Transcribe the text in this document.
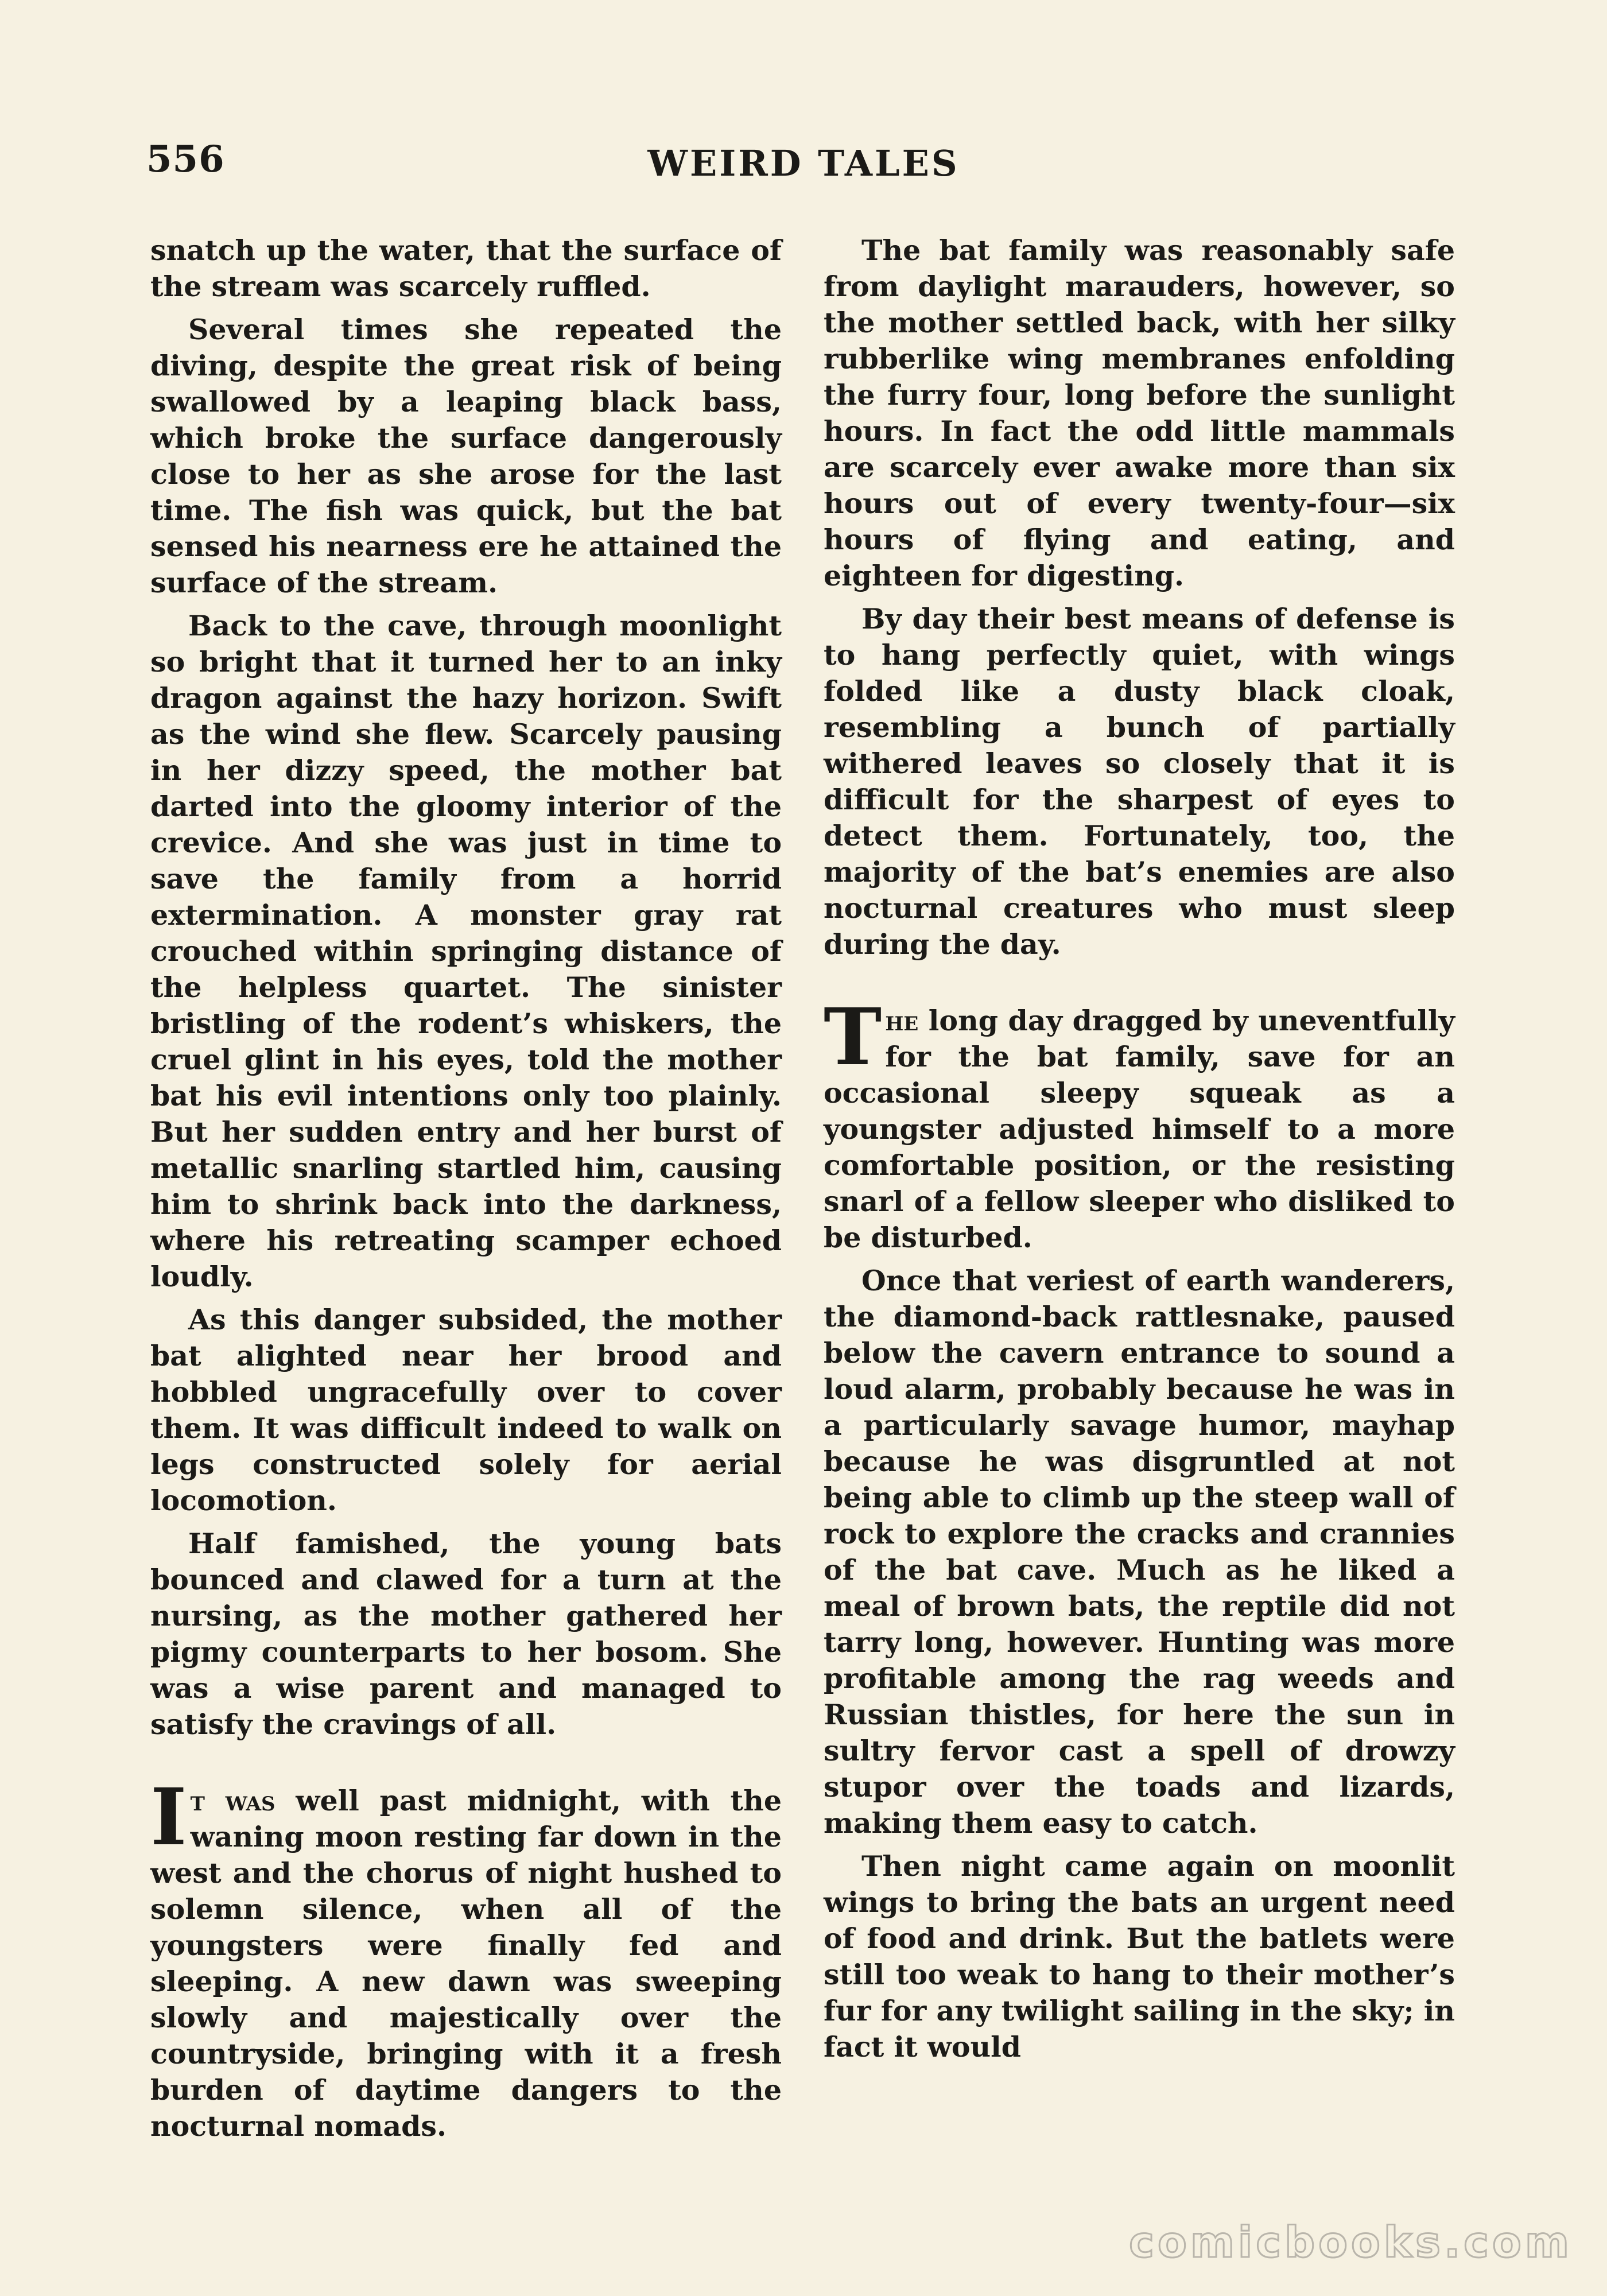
556	WEIRD TALES

snatch up the water, that the surface of the stream was scarcely ruffled.

Several times she repeated the diving, despite the great risk of being swallowed by a leaping black bass, which broke the surface dangerously close to her as she arose for the last time. The fish was quick, but the bat sensed his nearness ere he attained the surface of the stream.

Back to the cave, through moonlight so bright that it turned her to an inky dragon against the hazy horizon. Swift as the wind she flew. Scarcely pausing in her dizzy speed, the mother bat darted into the gloomy interior of the crevice. And she was just in time to save the family from a horrid extermination. A monster gray rat crouched within springing distance of the helpless quartet. The sinister bristling of the rodent’s whiskers, the cruel glint in his eyes, told the mother bat his evil intentions only too plainly. But her sudden entry and her burst of metallic snarling startled him, causing him to shrink back into the darkness, where his retreating scamper echoed loudly.

As this danger subsided, the mother bat alighted near her brood and hobbled ungracefully over to cover them. It was difficult indeed to walk on legs constructed solely for aerial locomotion.

Half famished, the young bats bounced and clawed for a turn at the nursing, as the mother gathered her pigmy counterparts to her bosom. She was a wise parent and managed to satisfy the cravings of all.

It was well past midnight, with the waning moon resting far down in the west and the chorus of night hushed to solemn silence, when all of the youngsters were finally fed and sleeping. A new dawn was sweeping slowly and majestically over the countryside, bringing with it a fresh burden of daytime dangers to the nocturnal nomads.

The bat family was reasonably safe from daylight marauders, however, so the mother settled back, with her silky rubberlike wing membranes enfolding the furry four, long before the sunlight hours. In fact the odd little mammals are scarcely ever awake more than six hours out of every twenty-four—six hours of flying and eating, and eighteen for digesting.

By day their best means of defense is to hang perfectly quiet, with wings folded like a dusty black cloak, resembling a bunch of partially withered leaves so closely that it is difficult for the sharpest of eyes to detect them. Fortunately, too, the majority of the bat’s enemies are also nocturnal creatures who must sleep during the day.

The long day dragged by uneventfully for the bat family, save for an occasional sleepy squeak as a youngster adjusted himself to a more comfortable position, or the resisting snarl of a fellow sleeper who disliked to be disturbed.

Once that veriest of earth wanderers, the diamond-back rattlesnake, paused below the cavern entrance to sound a loud alarm, probably because he was in a particularly savage humor, mayhap because he was disgruntled at not being able to climb up the steep wall of rock to explore the cracks and crannies of the bat cave. Much as he liked a meal of brown bats, the reptile did not tarry long, however. Hunting was more profitable among the rag weeds and Russian thistles, for here the sun in sultry fervor cast a spell of drowzy stupor over the toads and lizards, making them easy to catch.

Then night came again on moonlit wings to bring the bats an urgent need of food and drink. But the batlets were still too weak to hang to their mother’s fur for any twilight sailing in the sky; in fact it would

comicbooks.com
